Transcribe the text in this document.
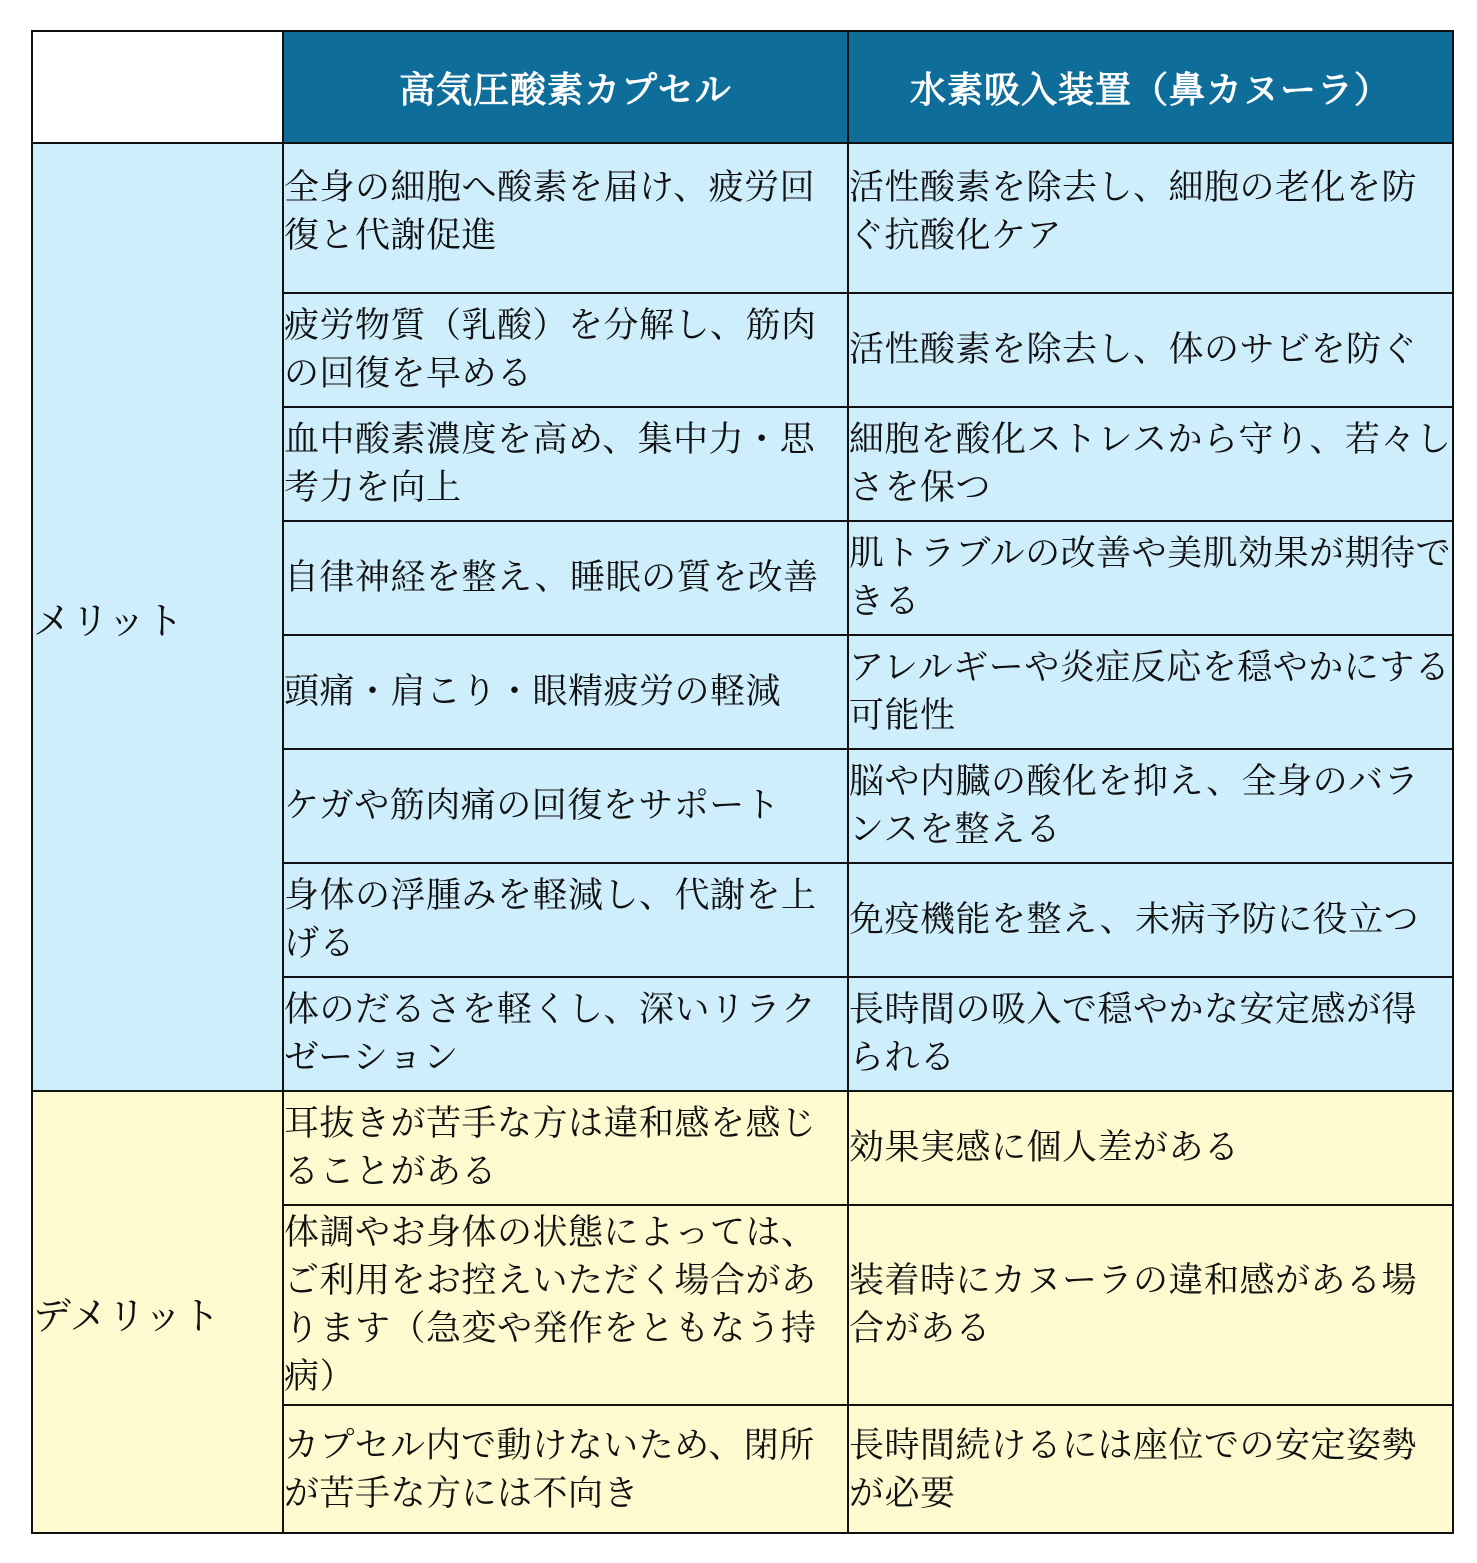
	高気圧酸素カプセル	水素吸入装置（鼻カヌーラ）
メリット	全身の細胞へ酸素を届け、疲労回復と代謝促進	活性酸素を除去し、細胞の老化を防ぐ抗酸化ケア
	疲労物質（乳酸）を分解し、筋肉の回復を早める	活性酸素を除去し、体のサビを防ぐ
	血中酸素濃度を高め、集中力・思考力を向上	細胞を酸化ストレスから守り、若々しさを保つ
	自律神経を整え、睡眠の質を改善	肌トラブルの改善や美肌効果が期待できる
	頭痛・肩こり・眼精疲労の軽減	アレルギーや炎症反応を穏やかにする可能性
	ケガや筋肉痛の回復をサポート	脳や内臓の酸化を抑え、全身のバランスを整える
	身体の浮腫みを軽減し、代謝を上げる	免疫機能を整え、未病予防に役立つ
	体のだるさを軽くし、深いリラクゼーション	長時間の吸入で穏やかな安定感が得られる
デメリット	耳抜きが苦手な方は違和感を感じることがある	効果実感に個人差がある
	体調やお身体の状態によっては、ご利用をお控えいただく場合があります（急変や発作をともなう持病）	装着時にカヌーラの違和感がある場合がある
	カプセル内で動けないため、閉所が苦手な方には不向き	長時間続けるには座位での安定姿勢が必要
